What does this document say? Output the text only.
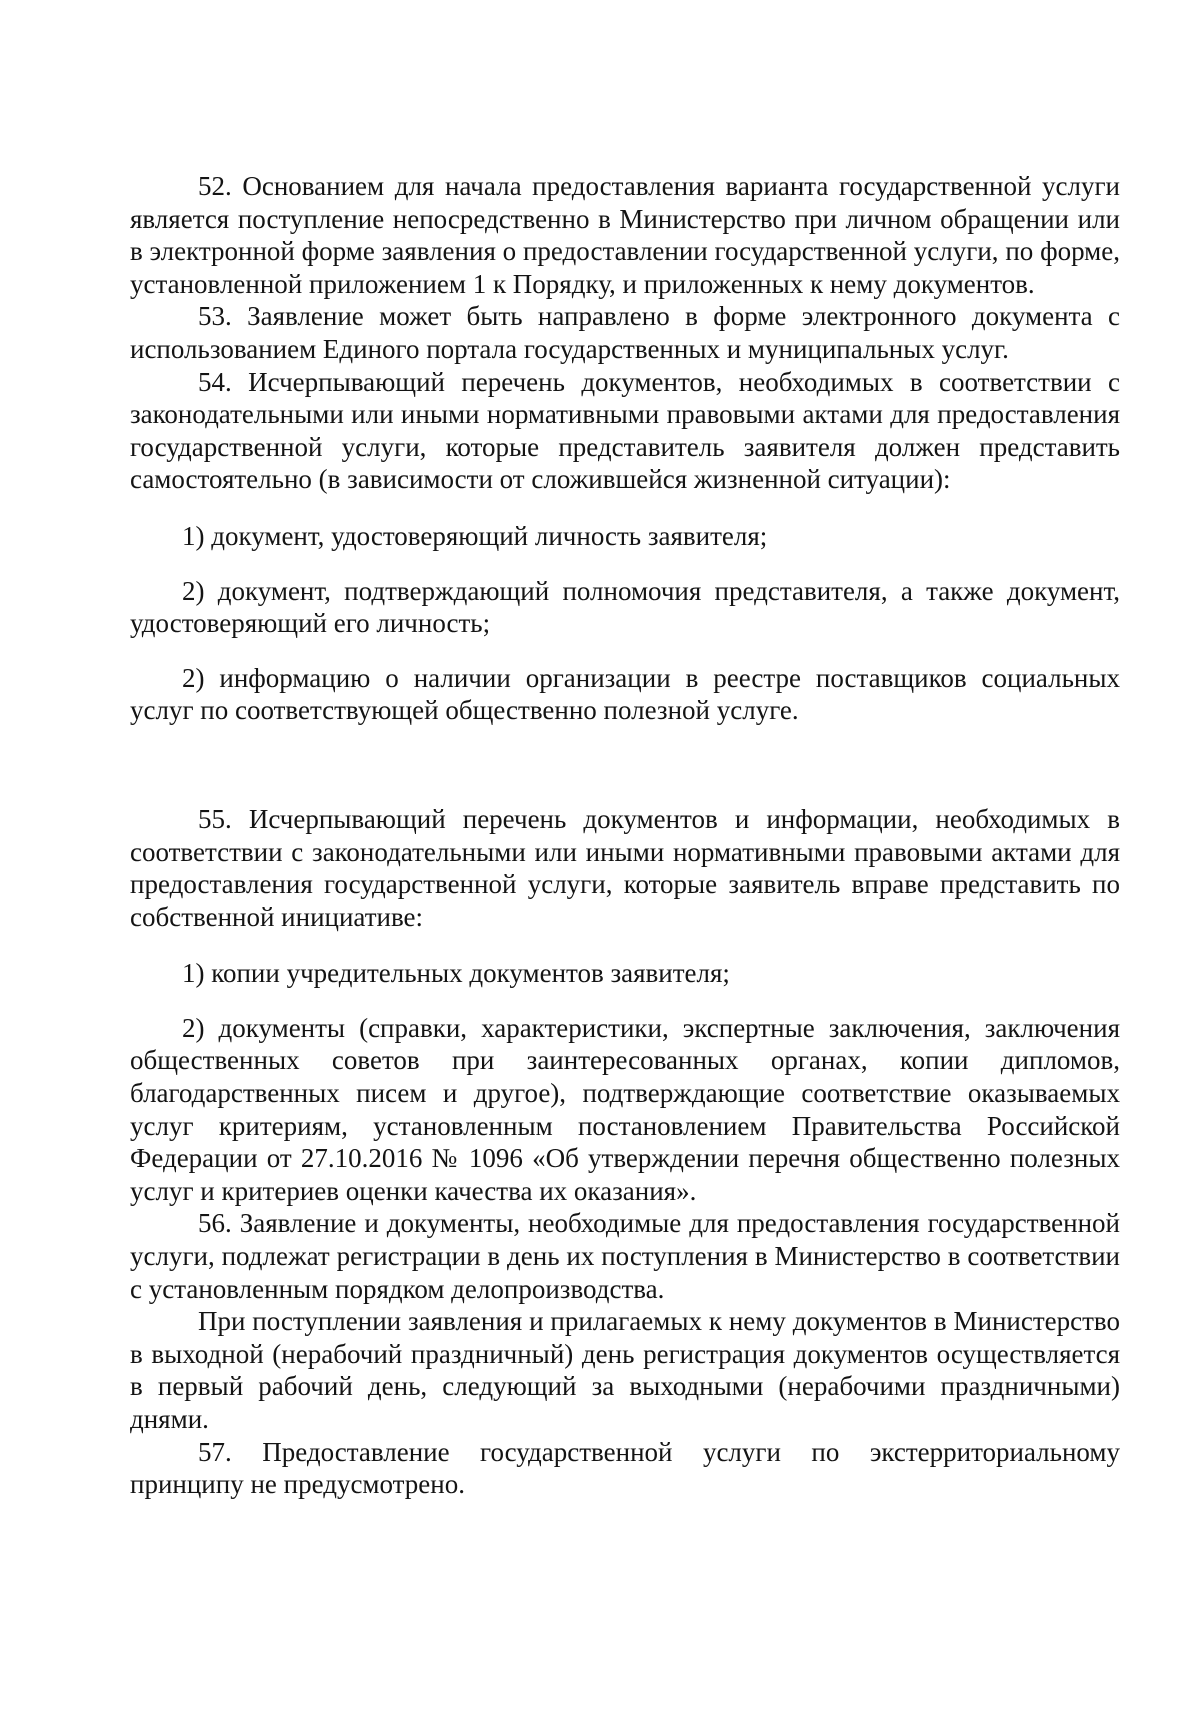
52. Основанием для начала предоставления варианта государственной услуги является поступление непосредственно в Министерство при личном обращении или в электронной форме заявления о предоставлении государственной услуги, по форме, установленной приложением 1 к Порядку, и приложенных к нему документов.

53. Заявление может быть направлено в форме электронного документа с использованием Единого портала государственных и муниципальных услуг.

54. Исчерпывающий перечень документов, необходимых в соответствии с законодательными или иными нормативными правовыми актами для предоставления государственной услуги, которые представитель заявителя должен представить самостоятельно (в зависимости от сложившейся жизненной ситуации):

1) документ, удостоверяющий личность заявителя;

2) документ, подтверждающий полномочия представителя, а также документ, удостоверяющий его личность;

2) информацию о наличии организации в реестре поставщиков социальных услуг по соответствующей общественно полезной услуге.

55. Исчерпывающий перечень документов и информации, необходимых в соответствии с законодательными или иными нормативными правовыми актами для предоставления государственной услуги, которые заявитель вправе представить по собственной инициативе:

1) копии учредительных документов заявителя;

2) документы (справки, характеристики, экспертные заключения, заключения общественных советов при заинтересованных органах, копии дипломов, благодарственных писем и другое), подтверждающие соответствие оказываемых услуг критериям, установленным постановлением Правительства Российской Федерации от 27.10.2016 № 1096 «Об утверждении перечня общественно полезных услуг и критериев оценки качества их оказания».

56. Заявление и документы, необходимые для предоставления государственной услуги, подлежат регистрации в день их поступления в Министерство в соответствии с установленным порядком делопроизводства.

При поступлении заявления и прилагаемых к нему документов в Министерство в выходной (нерабочий праздничный) день регистрация документов осуществляется в первый рабочий день, следующий за выходными (нерабочими праздничными) днями.

57. Предоставление государственной услуги по экстерриториальному принципу не предусмотрено.
